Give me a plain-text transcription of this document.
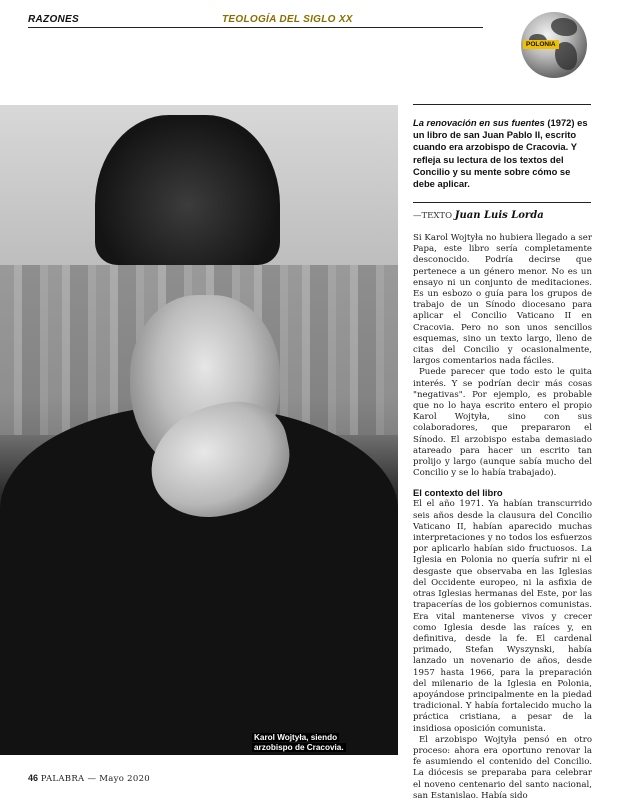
RAZONES	TEOLOGÍA DEL SIGLO XX
POLONIA
Karol Wojtyła, siendo
arzobispo de Cracovia.
La renovación en sus fuentes (1972) es un libro de san Juan Pablo II, escrito cuando era arzobispo de Cracovia. Y refleja su lectura de los textos del Concilio y su mente sobre cómo se debe aplicar.
—TEXTO Juan Luis Lorda

Si Karol Wojtyła no hubiera llegado a ser Papa, este libro sería completamente desconocido. Podría decirse que pertenece a un género menor. No es un ensayo ni un conjunto de meditaciones. Es un esbozo o guía para los grupos de trabajo de un Sínodo diocesano para aplicar el Concilio Vaticano II en Cracovia. Pero no son unos sencillos esquemas, sino un texto largo, lleno de citas del Concilio y ocasionalmente, largos comentarios nada fáciles.

Puede parecer que todo esto le quita interés. Y se podrían decir más cosas "negativas". Por ejemplo, es probable que no lo haya escrito entero el propio Karol Wojtyła, sino con sus colaboradores, que prepararon el Sínodo. El arzobispo estaba demasiado atareado para hacer un escrito tan prolijo y largo (aunque sabía mucho del Concilio y se lo había trabajado).

El contexto del libro

El el año 1971. Ya habían transcurrido seis años desde la clausura del Concilio Vaticano II, habían aparecido muchas interpretaciones y no todos los esfuerzos por aplicarlo habían sido fructuosos. La Iglesia en Polonia no quería sufrir ni el desgaste que observaba en las Iglesias del Occidente europeo, ni la asfixia de otras Iglesias hermanas del Este, por las trapacerías de los gobiernos comunistas. Era vital mantenerse vivos y crecer como Iglesia desde las raíces y, en definitiva, desde la fe. El cardenal primado, Stefan Wyszynski, había lanzado un novenario de años, desde 1957 hasta 1966, para la preparación del milenario de la Iglesia en Polonia, apoyándose principalmente en la piedad tradicional. Y había fortalecido mucho la práctica cristiana, a pesar de la insidiosa oposición comunista.

El arzobispo Wojtyła pensó en otro proceso: ahora era oportuno renovar la fe asumiendo el contenido del Concilio. La diócesis se preparaba para celebrar el noveno centenario del santo nacional, san Estanislao. Había sido

46 PALABRA — Mayo 2020
